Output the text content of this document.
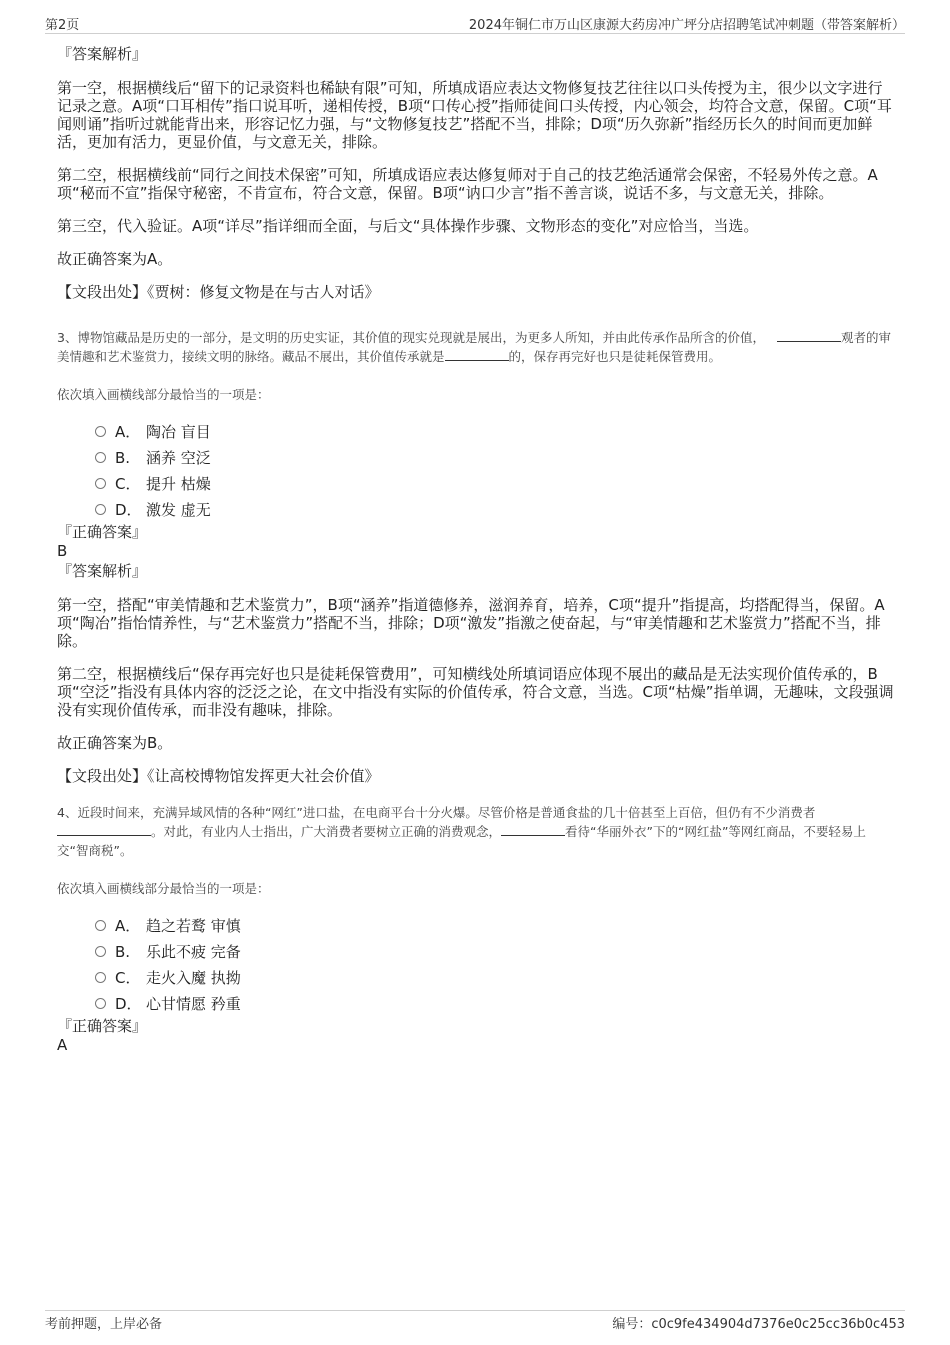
第2页	2024年铜仁市万山区康源大药房冲广坪分店招聘笔试冲刺题（带答案解析）

『答案解析』

第一空，根据横线后“留下的记录资料也稀缺有限”可知，所填成语应表达文物修复技艺往往以口头传授为主，很少以文字进行记录之意。A项“口耳相传”指口说耳听，递相传授，B项“口传心授”指师徒间口头传授，内心领会，均符合文意，保留。C项“耳闻则诵”指听过就能背出来，形容记忆力强，与“文物修复技艺”搭配不当，排除；D项“历久弥新”指经历长久的时间而更加鲜活，更加有活力，更显价值，与文意无关，排除。

第二空，根据横线前“同行之间技术保密”可知，所填成语应表达修复师对于自己的技艺绝活通常会保密，不轻易外传之意。A项“秘而不宣”指保守秘密，不肯宣布，符合文意，保留。B项“讷口少言”指不善言谈，说话不多，与文意无关，排除。

第三空，代入验证。A项“详尽”指详细而全面，与后文“具体操作步骤、文物形态的变化”对应恰当，当选。

故正确答案为A。

【文段出处】《贾树：修复文物是在与古人对话》

3、博物馆藏品是历史的一部分，是文明的历史实证，其价值的现实兑现就是展出，为更多人所知，并由此传承作品所含的价值，	观者的审美情趣和艺术鉴赏力，接续文明的脉络。藏品不展出，其价值传承就是	的，保存再完好也只是徒耗保管费用。

依次填入画横线部分最恰当的一项是：

A． 陶冶 盲目
B. 涵养 空泛
C． 提升 枯燥
D． 激发 虚无

『正确答案』

B

『答案解析』

第一空，搭配“审美情趣和艺术鉴赏力”，B项“涵养”指道德修养，滋润养育，培养，C项“提升”指提高，均搭配得当，保留。A项“陶冶”指怡情养性，与“艺术鉴赏力”搭配不当，排除；D项“激发”指激之使奋起，与“审美情趣和艺术鉴赏力”搭配不当，排除。

第二空，根据横线后“保存再完好也只是徒耗保管费用”，可知横线处所填词语应体现不展出的藏品是无法实现价值传承的，B项“空泛”指没有具体内容的泛泛之论，在文中指没有实际的价值传承，符合文意，当选。C项“枯燥”指单调，无趣味，文段强调没有实现价值传承，而非没有趣味，排除。

故正确答案为B。

【文段出处】《让高校博物馆发挥更大社会价值》

4、近段时间来，充满异域风情的各种“网红”进口盐，在电商平台十分火爆。尽管价格是普通食盐的几十倍甚至上百倍，但仍有不少消费者 。对此，有业内人士指出，广大消费者要树立正确的消费观念，	看待“华丽外衣”下的“网红盐”等网红商品，不要轻易上交“智商税”。

依次填入画横线部分最恰当的一项是：

A． 趋之若鹜 审慎
B. 乐此不疲 完备
C． 走火入魔 执拗
D． 心甘情愿 矜重

『正确答案』

A

考前押题，上岸必备	编号：c0c9fe434904d7376e0c25cc36b0c453
